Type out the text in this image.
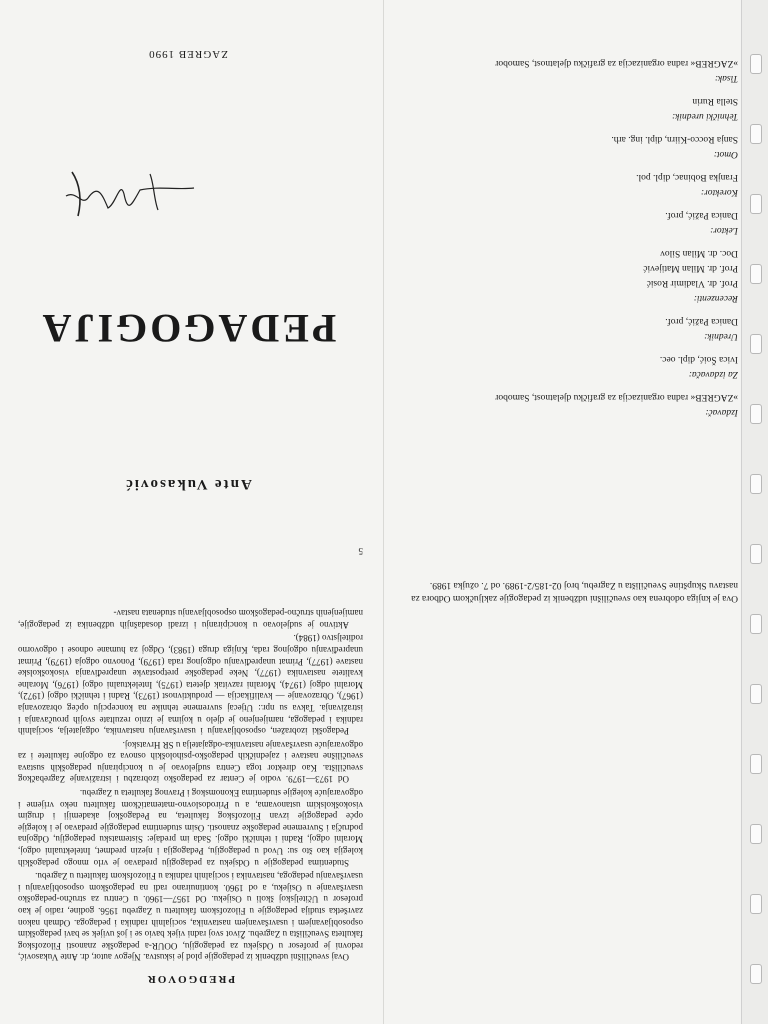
Ova je knjiga odobrena kao sveučilišni udžbenik iz pedagogije zaključkom Odbora za nastavu Skupštine Sveučilišta u Zagrebu, broj 02-185/2-1989. od 7. ožujka 1989.
Izdavač:
»ZAGREB« radna organizacija za grafičku djelatnost, Samobor
Za izdavača:
Ivica Šoić, dipl. oec.
Urednik:
Danica Pažić, prof.
Recenzenti:
Prof. dr. Vladimir Rosić
Prof. dr. Milan Matijević
Doc. dr. Milan Silov
Lektor:
Danica Pažić, prof.
Korektor:
Franjka Bobinac, dipl. pol.
Omot:
Sanja Rocco-Kiirn, dipl. ing. arh.
Tehnički urednik:
Stella Rurin
Tisak:
»ZAGREB« radna organizacija za grafičku djelatnost, Samobor
PREDGOVOR

Ovaj sveučilišni udžbenik iz pedagogije plod je iskustva. Njegov autor, dr. Ante Vukasović, redovni je profesor u Odsjeku za pedagogiju, OOUR-a pedagoške znanosti Filozofskog fakulteta Sveučilišta u Zagrebu. Život svoj radni vijek bavio se i još uvijek se bavi pedagoškim osposobljavanjem i usavršavanjem nastavnika, socijalnih radnika i pedagoga. Odmah nakon završetka studija pedagogije u Filozofskom fakultetu u Zagrebu 1956. godine, radio je kao profesor u Učiteljskoj školi u Osijeku. Od 1957—1960. u Centru za stručno-pedagoško usavršavanje u Osijeku, a od 1960. kontinuirano radi na pedagoškom osposobljavanju i usavršavanju pedagoga, nastavnika i socijalnih radnika u Filozofskom fakultetu u Zagrebu.

Studentima pedagogije u Odsjeku za pedagogiju predavao je vrlo mnogo pedagoških kolegija kao što su: Uvod u pedagogiju, Pedagogija i njezin predmet, Intelektualni odgoj, Moralni odgoj, Radni i tehnički odgoj. Sada im predaje: Sistematsku pedagogiju, Odgojna područja i Suvremene pedagoške znanosti. Osim studentima pedagogije predavao je i kolegije opće pedagogije izvan Filozofskog fakulteta, na Pedagoškoj akademiji i drugim visokoškolskim ustanovama, a u Prirodoslovno-matematičkom fakultetu neko vrijeme i odgovarajuće kolegije studentima Ekonomskog i Pravnog fakulteta u Zagrebu.

Od 1973—1979. vodio je Centar za pedagoško izobrazbu i istraživanje Zagrebačkog sveučilišta. Kao direktor toga Centra sudjelovao je u koncipiranju pedagoških sustava sveučilišne nastave i zajedničkih pedagoško-psiholoških osnova za odgojne fakultete i za odgovarajuće usavršavanje nastavnika-odgajatelja u SR Hrvatskoj.

Pedagoški izobražen, osposobljavanju i usavršavanju nastavnika, odgajatelja, socijalnih radnika i pedagoga, namijenjeno je djelo u kojima je iznio rezultate svojih proučavanja i istraživanja. Takva su npr.: Utjecaj suvremene tehnike na koncepciju općeg obrazovanja (1967), Obrazovanje — kvalifikacija — produktivnost (1973), Radni i tehnički odgoj (1972), Moralni odgoj (1974), Moralni razvitak djeteta (1975), Intelektualni odgoj (1976), Moralne kvalitete nastavnika (1977), Neke pedagoške pretpostavke unapređivanja visokoškolske nastave (1977), Primat unapređivanju odgojnog rada (1979), Ponovno odgoja (1979), Primat unapređivanju odgojnog rada, Knjiga druga (1983), Odgoj za humane odnose i odgovorno roditeljstvo (1984).

Aktivno je sudjelovao u koncipiranju i izradi dosadašnjih udžbenika iz pedagogije, namijenjenih stručno-pedagoškom osposobljavanju studenata nastav-

5
Ante Vukasović
PEDAGOGIJA
ZAGREB 1990
